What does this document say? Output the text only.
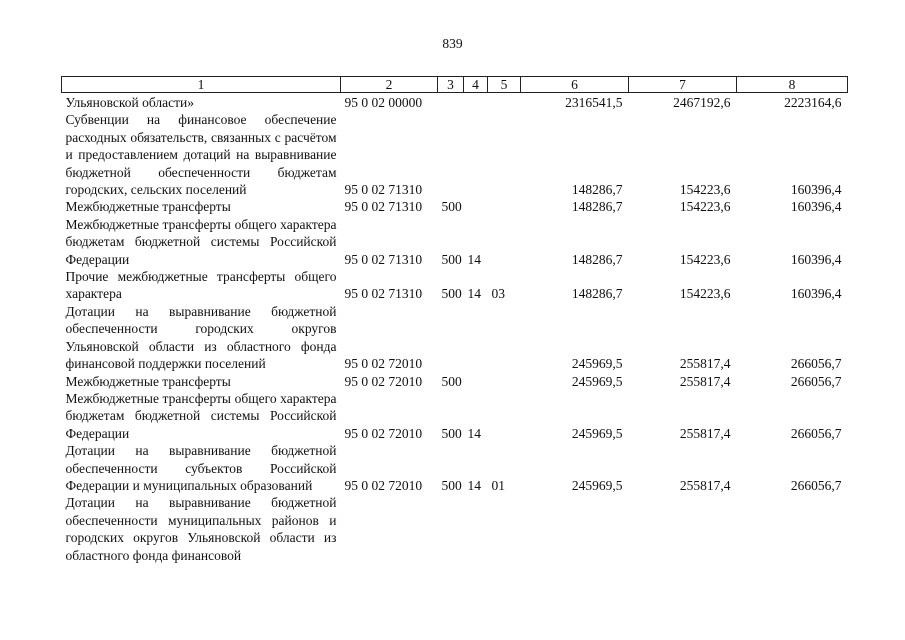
839
1	2	3	4	5	6	7	8
Ульяновской области»	95 0 02 00000				2316541,5	2467192,6	2223164,6
Субвенции на финансовое обеспечение расходных обязательств, связанных с расчётом и предоставлением дотаций на выравнивание бюджетной обеспеченности бюджетам городских, сельских поселений	95 0 02 71310				148286,7	154223,6	160396,4
Межбюджетные трансферты	95 0 02 71310	500			148286,7	154223,6	160396,4
Межбюджетные трансферты общего характера бюджетам бюджетной системы Российской Федерации	95 0 02 71310	500	14		148286,7	154223,6	160396,4
Прочие межбюджетные трансферты общего характера	95 0 02 71310	500	14	03	148286,7	154223,6	160396,4
Дотации на выравнивание бюджетной обеспеченности городских округов Ульяновской области из областного фонда финансовой поддержки поселений	95 0 02 72010				245969,5	255817,4	266056,7
Межбюджетные трансферты	95 0 02 72010	500			245969,5	255817,4	266056,7
Межбюджетные трансферты общего характера бюджетам бюджетной системы Российской Федерации	95 0 02 72010	500	14		245969,5	255817,4	266056,7
Дотации на выравнивание бюджетной обеспеченности субъектов Российской Федерации и муниципальных образований	95 0 02 72010	500	14	01	245969,5	255817,4	266056,7
Дотации на выравнивание бюджетной обеспеченности муниципальных районов и городских округов Ульяновской области из областного фонда финансовой							
